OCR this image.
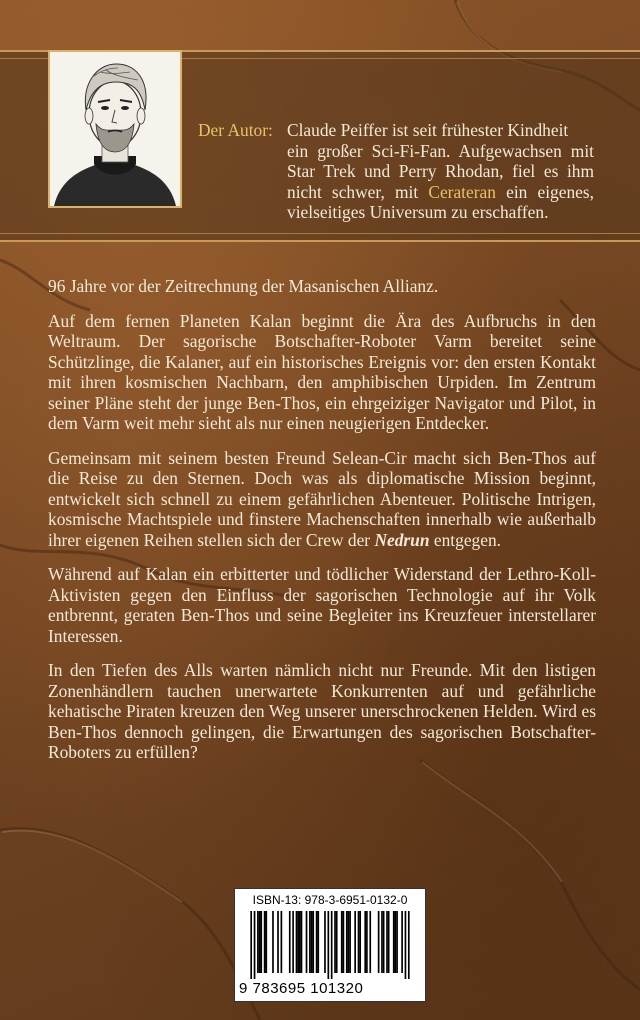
Der Autor: Claude Peiffer ist seit frühester Kindheit
ein großer Sci-Fi-Fan. Aufgewachsen mit Star Trek und Perry Rhodan, fiel es ihm nicht schwer, mit Cerateran ein eigenes, vielseitiges Universum zu erschaffen.

96 Jahre vor der Zeitrechnung der Masanischen Allianz.

Auf dem fernen Planeten Kalan beginnt die Ära des Aufbruchs in den Weltraum. Der sagorische Botschafter-Roboter Varm bereitet seine Schützlinge, die Kalaner, auf ein historisches Ereignis vor: den ersten Kontakt mit ihren kosmischen Nachbarn, den amphibischen Urpiden. Im Zentrum seiner Pläne steht der junge Ben-Thos, ein ehrgeiziger Navigator und Pilot, in dem Varm weit mehr sieht als nur einen neugierigen Entdecker.

Gemeinsam mit seinem besten Freund Selean-Cir macht sich Ben-Thos auf die Reise zu den Sternen. Doch was als diplomatische Mission beginnt, entwickelt sich schnell zu einem gefährlichen Abenteuer. Politische Intrigen, kosmische Machtspiele und finstere Machenschaften innerhalb wie außerhalb ihrer eigenen Reihen stellen sich der Crew der Nedrun entgegen.

Während auf Kalan ein erbitterter und tödlicher Widerstand der Lethro-Koll-Aktivisten gegen den Einfluss der sagorischen Technologie auf ihr Volk entbrennt, geraten Ben-Thos und seine Begleiter ins Kreuzfeuer interstellarer Interessen.

In den Tiefen des Alls warten nämlich nicht nur Freunde. Mit den listigen Zonenhändlern tauchen unerwartete Konkurrenten auf und gefährliche kehatische Piraten kreuzen den Weg unserer unerschrockenen Helden. Wird es Ben-Thos dennoch gelingen, die Erwartungen des sagorischen Botschafter-Roboters zu erfüllen?

ISBN-13: 978-3-6951-0132-0
9 783695 101320
